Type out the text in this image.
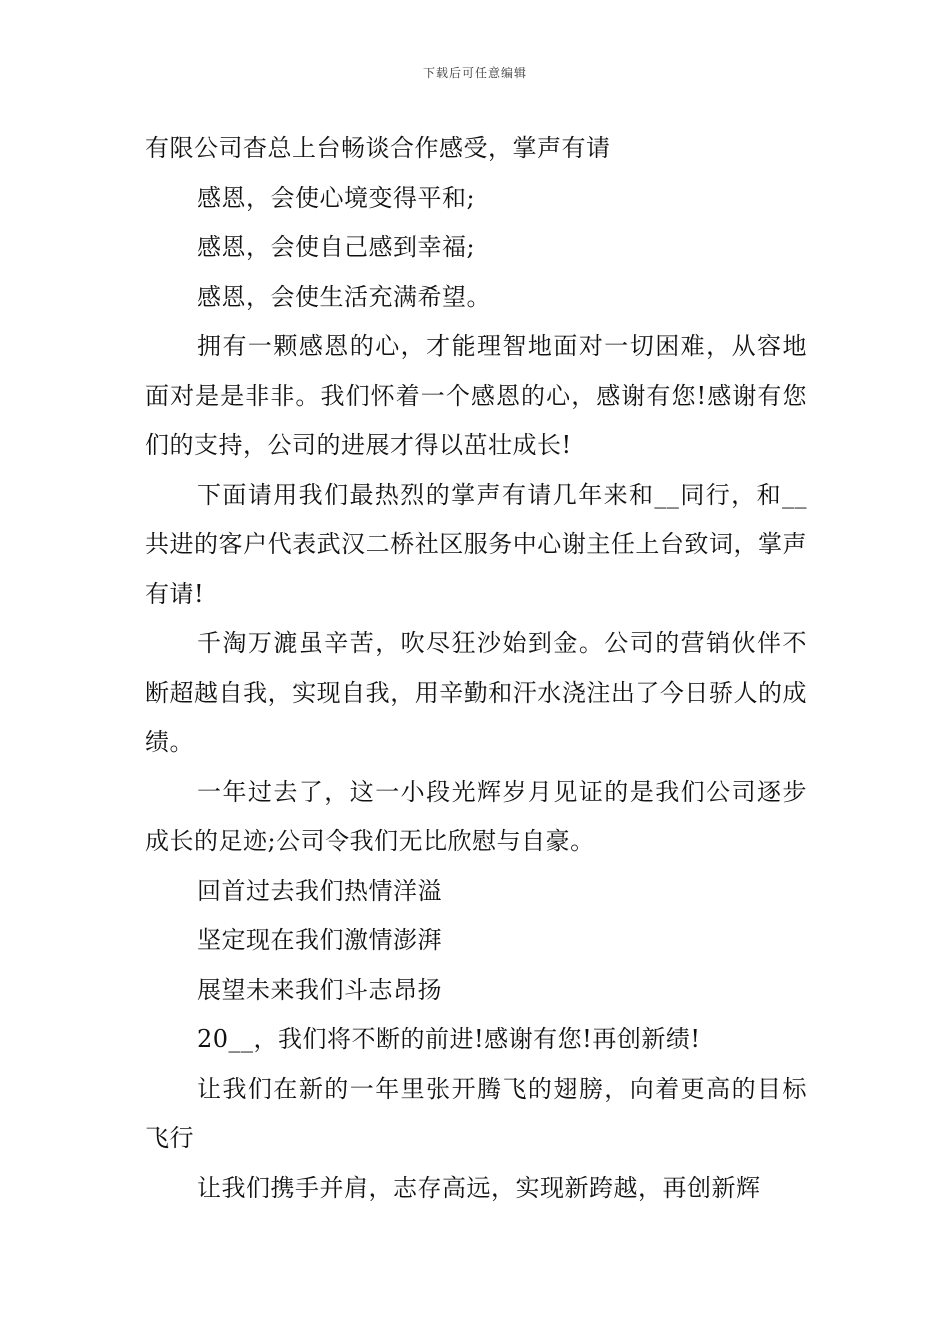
下载后可任意编辑

有限公司杳总上台畅谈合作感受，掌声有请

感恩，会使心境变得平和;

感恩，会使自己感到幸福;

感恩，会使生活充满希望。

拥有一颗感恩的心，才能理智地面对一切困难，从容地面对是是非非。我们怀着一个感恩的心，感谢有您!感谢有您们的支持，公司的进展才得以茁壮成长!

下面请用我们最热烈的掌声有请几年来和__同行，和__共进的客户代表武汉二桥社区服务中心谢主任上台致词，掌声有请!

千淘万漉虽辛苦，吹尽狂沙始到金。公司的营销伙伴不断超越自我，实现自我，用辛勤和汗水浇注出了今日骄人的成绩。

一年过去了，这一小段光辉岁月见证的是我们公司逐步成长的足迹;公司令我们无比欣慰与自豪。

回首过去我们热情洋溢

坚定现在我们激情澎湃

展望未来我们斗志昂扬

20__，我们将不断的前进!感谢有您!再创新绩!

让我们在新的一年里张开腾飞的翅膀，向着更高的目标飞行

让我们携手并肩，志存高远，实现新跨越，再创新辉
